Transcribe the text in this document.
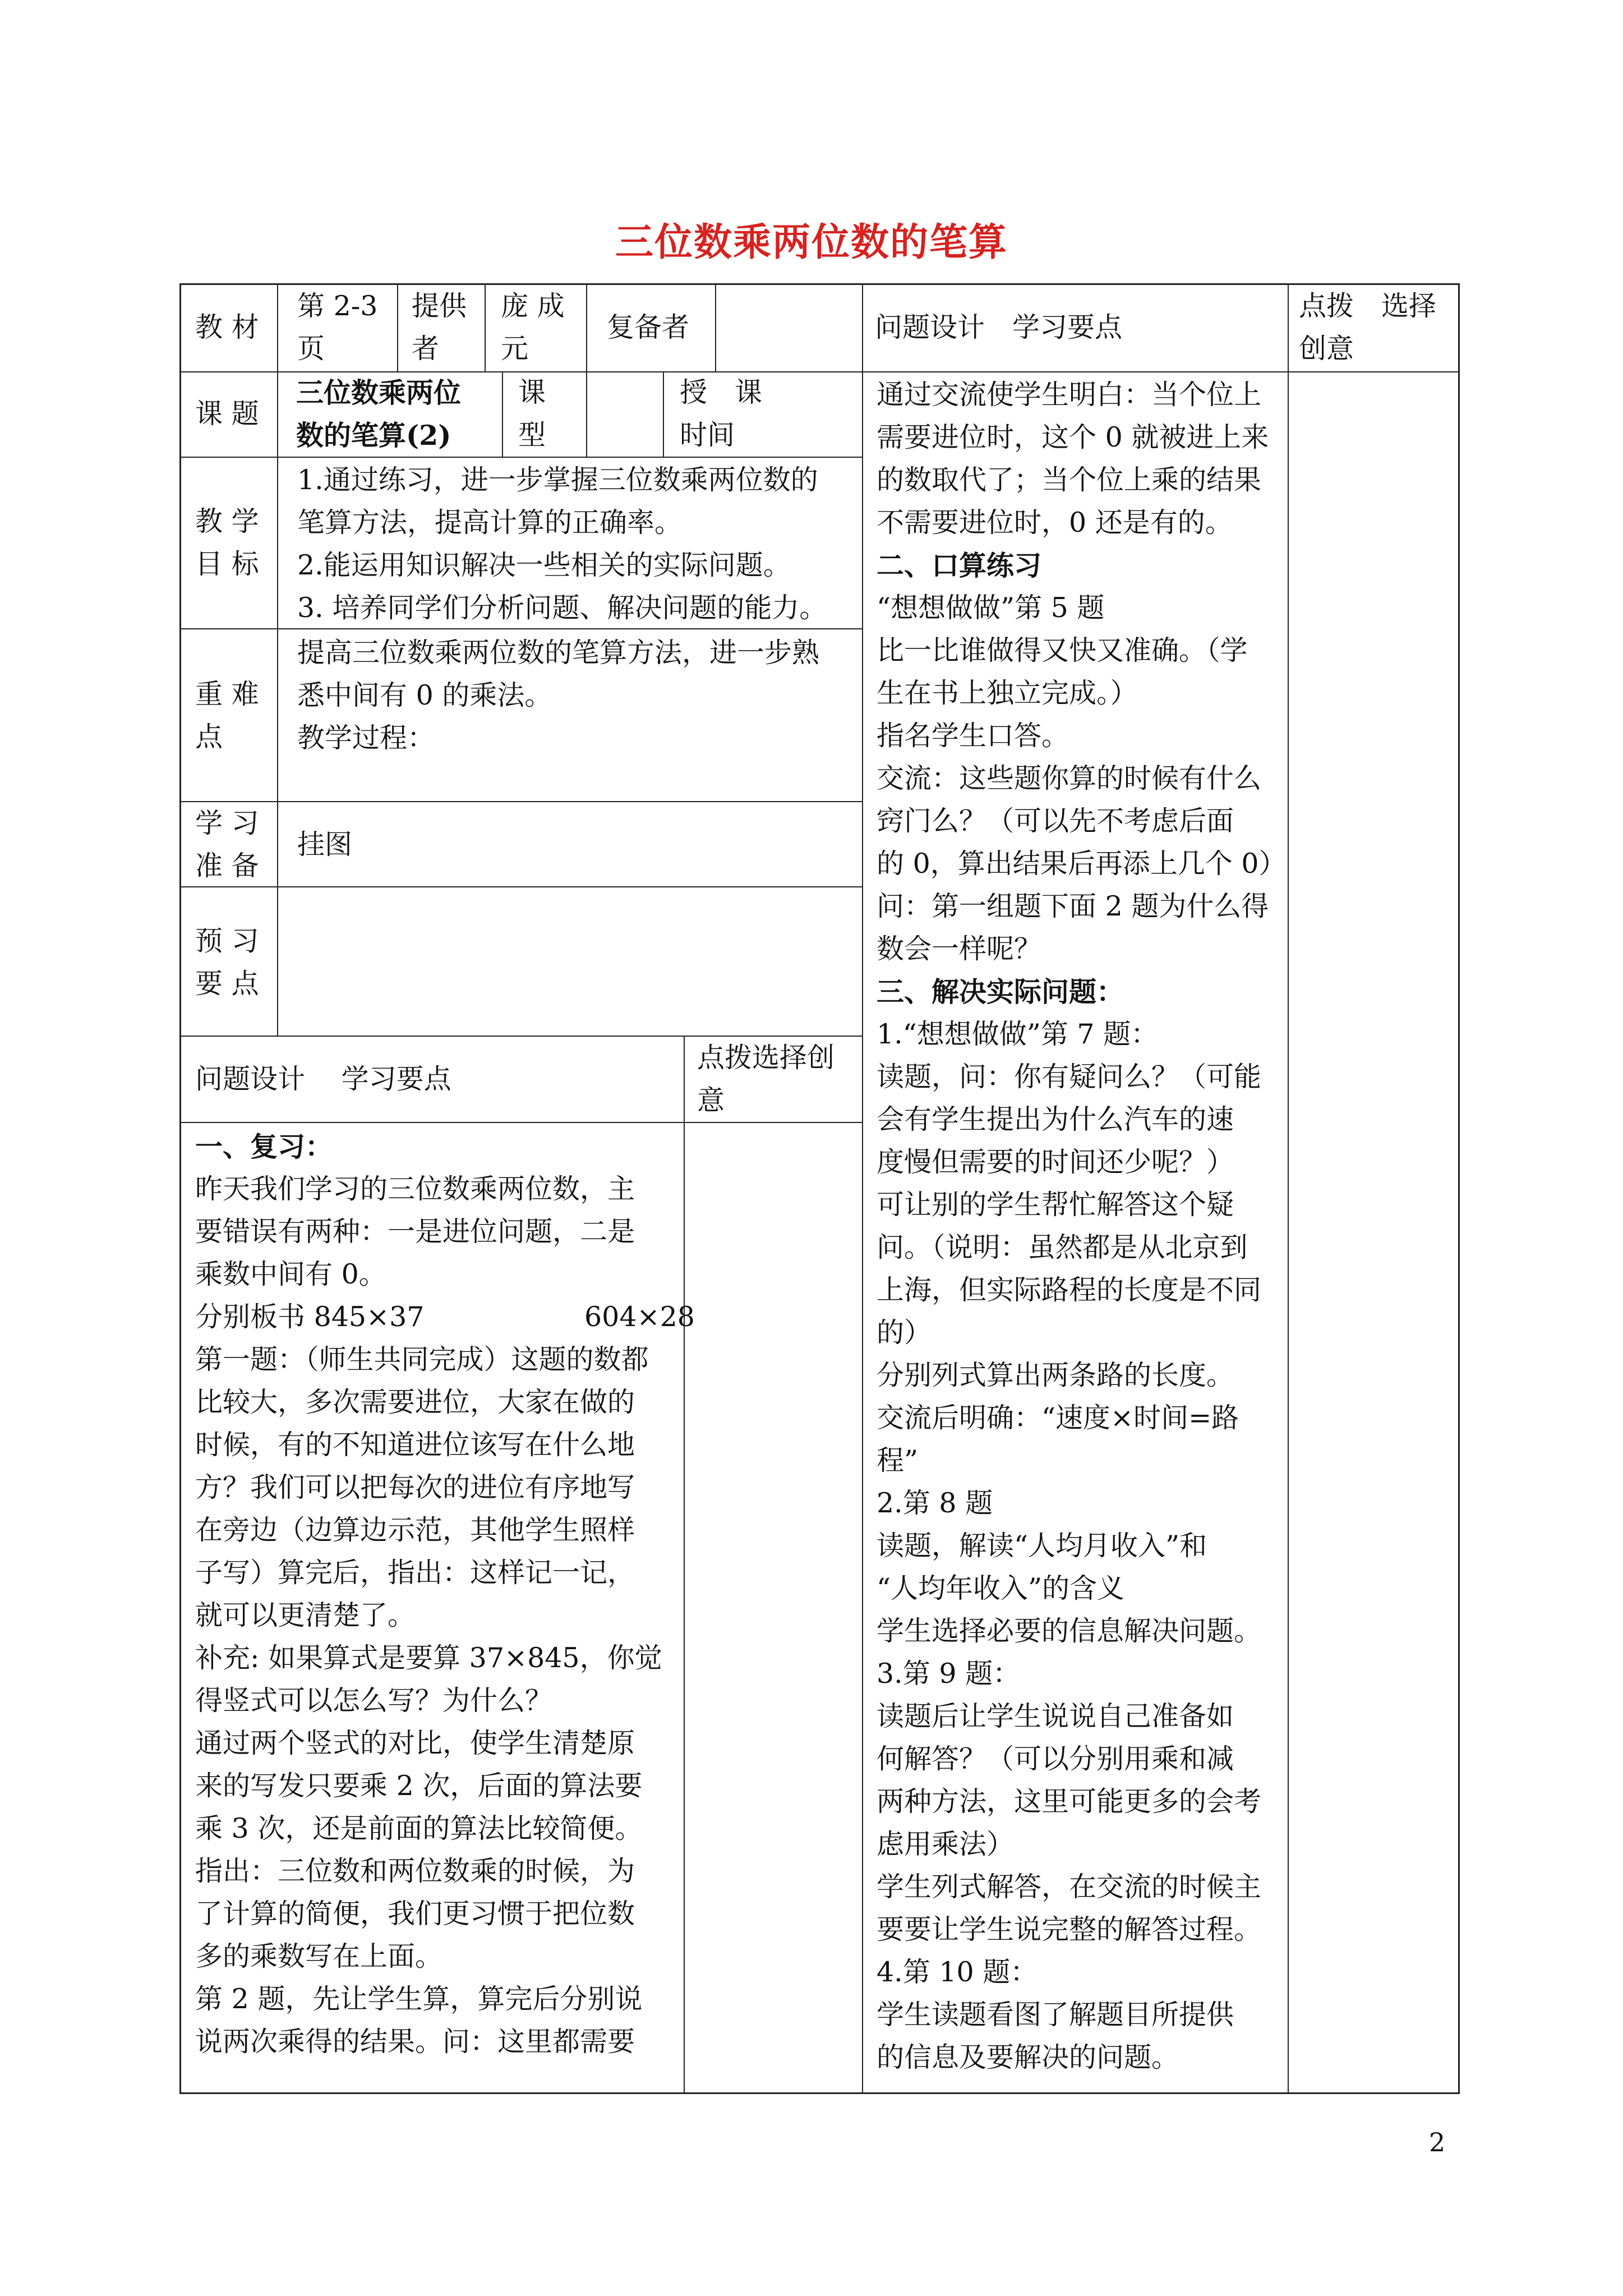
三位数乘两位数的笔算
教 材
第 2-3
页
提供
者
庞 成
元
复备者	问题设计　学习要点
点拨　选择
创意
课 题
三位数乘两位
数的笔算(2)
课
型
授　课
时间
教 学
目 标
1.通过练习，进一步掌握三位数乘两位数的
笔算方法，提高计算的正确率。
2.能运用知识解决一些相关的实际问题。
3. 培养同学们分析问题、解决问题的能力。
重 难
点
提高三位数乘两位数的笔算方法，进一步熟
悉中间有 0 的乘法。
教学过程：
学 习
准 备
挂图
预 习
要 点
问题设计　 学习要点
点拨选择创
意
一、复习：
昨天我们学习的三位数乘两位数，主
要错误有两种：一是进位问题，二是
乘数中间有 0。
分别板书 845×37
第一题：（师生共同完成）这题的数都
比较大，多次需要进位，大家在做的
时候，有的不知道进位该写在什么地
方？我们可以把每次的进位有序地写
在旁边（边算边示范，其他学生照样
子写）算完后，指出：这样记一记，
就可以更清楚了。
补充: 如果算式是要算 37×845，你觉
得竖式可以怎么写？为什么？
通过两个竖式的对比，使学生清楚原
来的写发只要乘 2 次，后面的算法要
乘 3 次，还是前面的算法比较简便。
指出：三位数和两位数乘的时候，为
了计算的简便，我们更习惯于把位数
多的乘数写在上面。
第 2 题，先让学生算，算完后分别说
说两次乘得的结果。问：这里都需要
604×28
通过交流使学生明白：当个位上
需要进位时，这个 0 就被进上来
的数取代了；当个位上乘的结果
不需要进位时，0 还是有的。
二、口算练习
“想想做做”第 5 题
比一比谁做得又快又准确。（学
生在书上独立完成。）
指名学生口答。
交流：这些题你算的时候有什么
窍门么？（可以先不考虑后面
的 0，算出结果后再添上几个 0）
问：第一组题下面 2 题为什么得
数会一样呢？
三、解决实际问题：
1.“想想做做”第 7 题：
读题，问：你有疑问么？（可能
会有学生提出为什么汽车的速
度慢但需要的时间还少呢？）
可让别的学生帮忙解答这个疑
问。（说明：虽然都是从北京到
上海，但实际路程的长度是不同
的）
分别列式算出两条路的长度。
交流后明确：“速度×时间=路
程”
2.第 8 题
读题，解读“人均月收入”和
“人均年收入”的含义
学生选择必要的信息解决问题。
3.第 9 题：
读题后让学生说说自己准备如
何解答？（可以分别用乘和减
两种方法，这里可能更多的会考
虑用乘法）
学生列式解答，在交流的时候主
要要让学生说完整的解答过程。
4.第 10 题：
学生读题看图了解题目所提供
的信息及要解决的问题。
2
